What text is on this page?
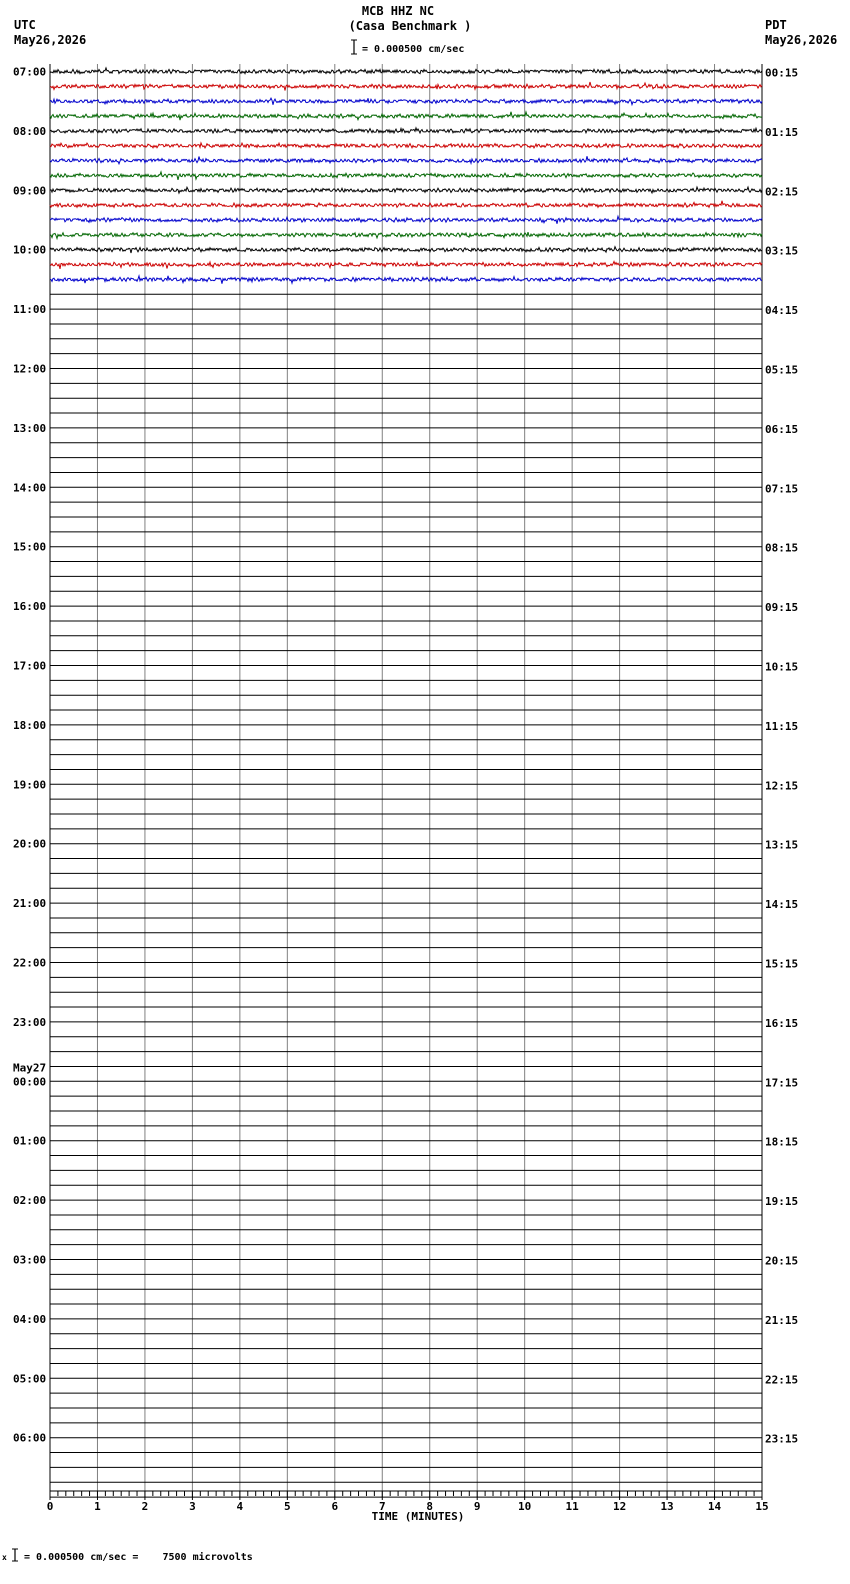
MCB HHZ NC
(Casa Benchmark )
= 0.000500 cm/sec
UTC
May26,2026
PDT
May26,2026
07:00
08:00
09:00
10:00
11:00
12:00
13:00
14:00
15:00
16:00
17:00
18:00
19:00
20:00
21:00
22:00
23:00
00:00
01:00
02:00
03:00
04:00
05:00
06:00
00:15
01:15
02:15
03:15
04:15
05:15
06:15
07:15
08:15
09:15
10:15
11:15
12:15
13:15
14:15
15:15
16:15
17:15
18:15
19:15
20:15
21:15
22:15
23:15
May27
0	1	2	3	4	5	6	7	8	9	10	11	12	13	14	15
TIME (MINUTES)
x = 0.000500 cm/sec =    7500 microvolts
